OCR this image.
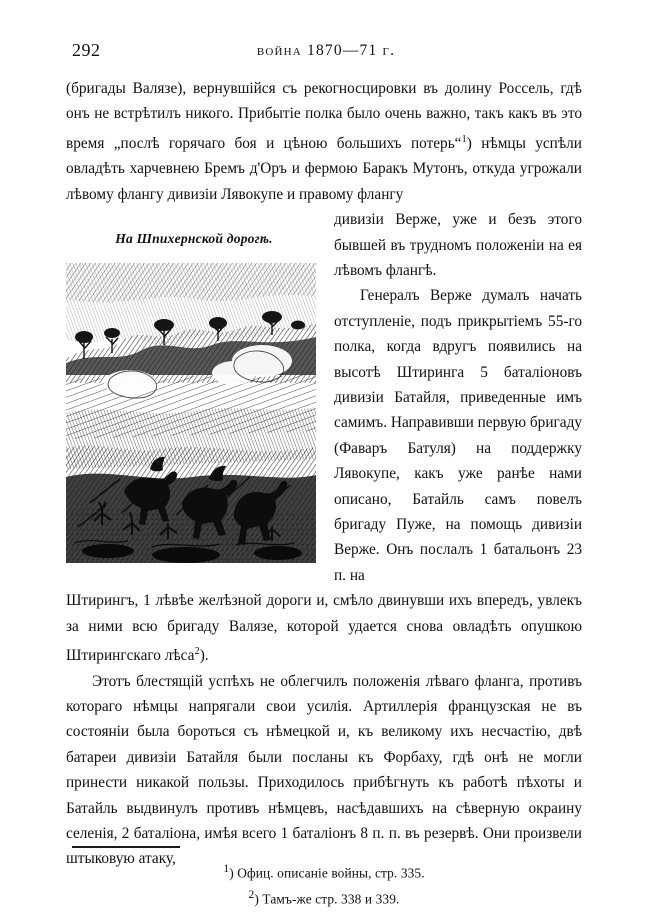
292	война 1870—71 г.

(бригады Валязе), вернувшійся съ рекогносцировки въ долину Россель, гдѣ онъ не встрѣтилъ никого. Прибытіе полка было очень важно, такъ какъ въ это время „послѣ горячаго боя и цѣною большихъ потерь“$^1$) нѣмцы успѣли овладѣть харчевнею Бремъ д'Оръ и фермою Баракъ Мутонъ, откуда угрожали лѣвому флангу дивизіи Лявокупе и правому флангу

На Шпихернской дорогѣ.

дивизіи Верже, уже и безъ этого бывшей въ трудномъ положеніи на ея лѣвомъ флангѣ.

Генералъ Верже думалъ начать отступленіе, подъ прикрытіемъ 55-го полка, когда вдругъ появились на высотѣ Штиринга 5 баталіоновъ дивизіи Батайля, приведенные имъ самимъ. Направивши первую бригаду (Фаваръ Батуля) на поддержку Лявокупе, какъ уже ранѣе нами описано, Батайль самъ повелъ бригаду Пуже, на помощь дивизіи Верже. Онъ послалъ 1 батальонъ 23 п. на

Штирингъ, 1 лѣвѣе желѣзной дороги и, смѣло двинувши ихъ впередъ, увлекъ за ними всю бригаду Валязе, которой удается снова овладѣть опушкою Штирингскаго лѣса$^2$).

Этотъ блестящій успѣхъ не облегчилъ положенія лѣваго фланга, противъ котораго нѣмцы напрягали свои усилія. Артиллерія французская не въ состояніи была бороться съ нѣмецкой и, къ великому ихъ несчастію, двѣ батареи дивизіи Батайля были посланы къ Форбаху, гдѣ онѣ не могли принести никакой пользы. Приходилось прибѣгнуть къ работѣ пѣхоты и Батайль выдвинулъ противъ нѣмцевъ, насѣдавшихъ на сѣверную окраину селенія, 2 баталіона, имѣя всего 1 баталіонъ 8 п. п. въ резервѣ. Они произвели штыковую атаку,

1) Офиц. описаніе войны, стр. 335.

2) Тамъ-же стр. 338 и 339.
